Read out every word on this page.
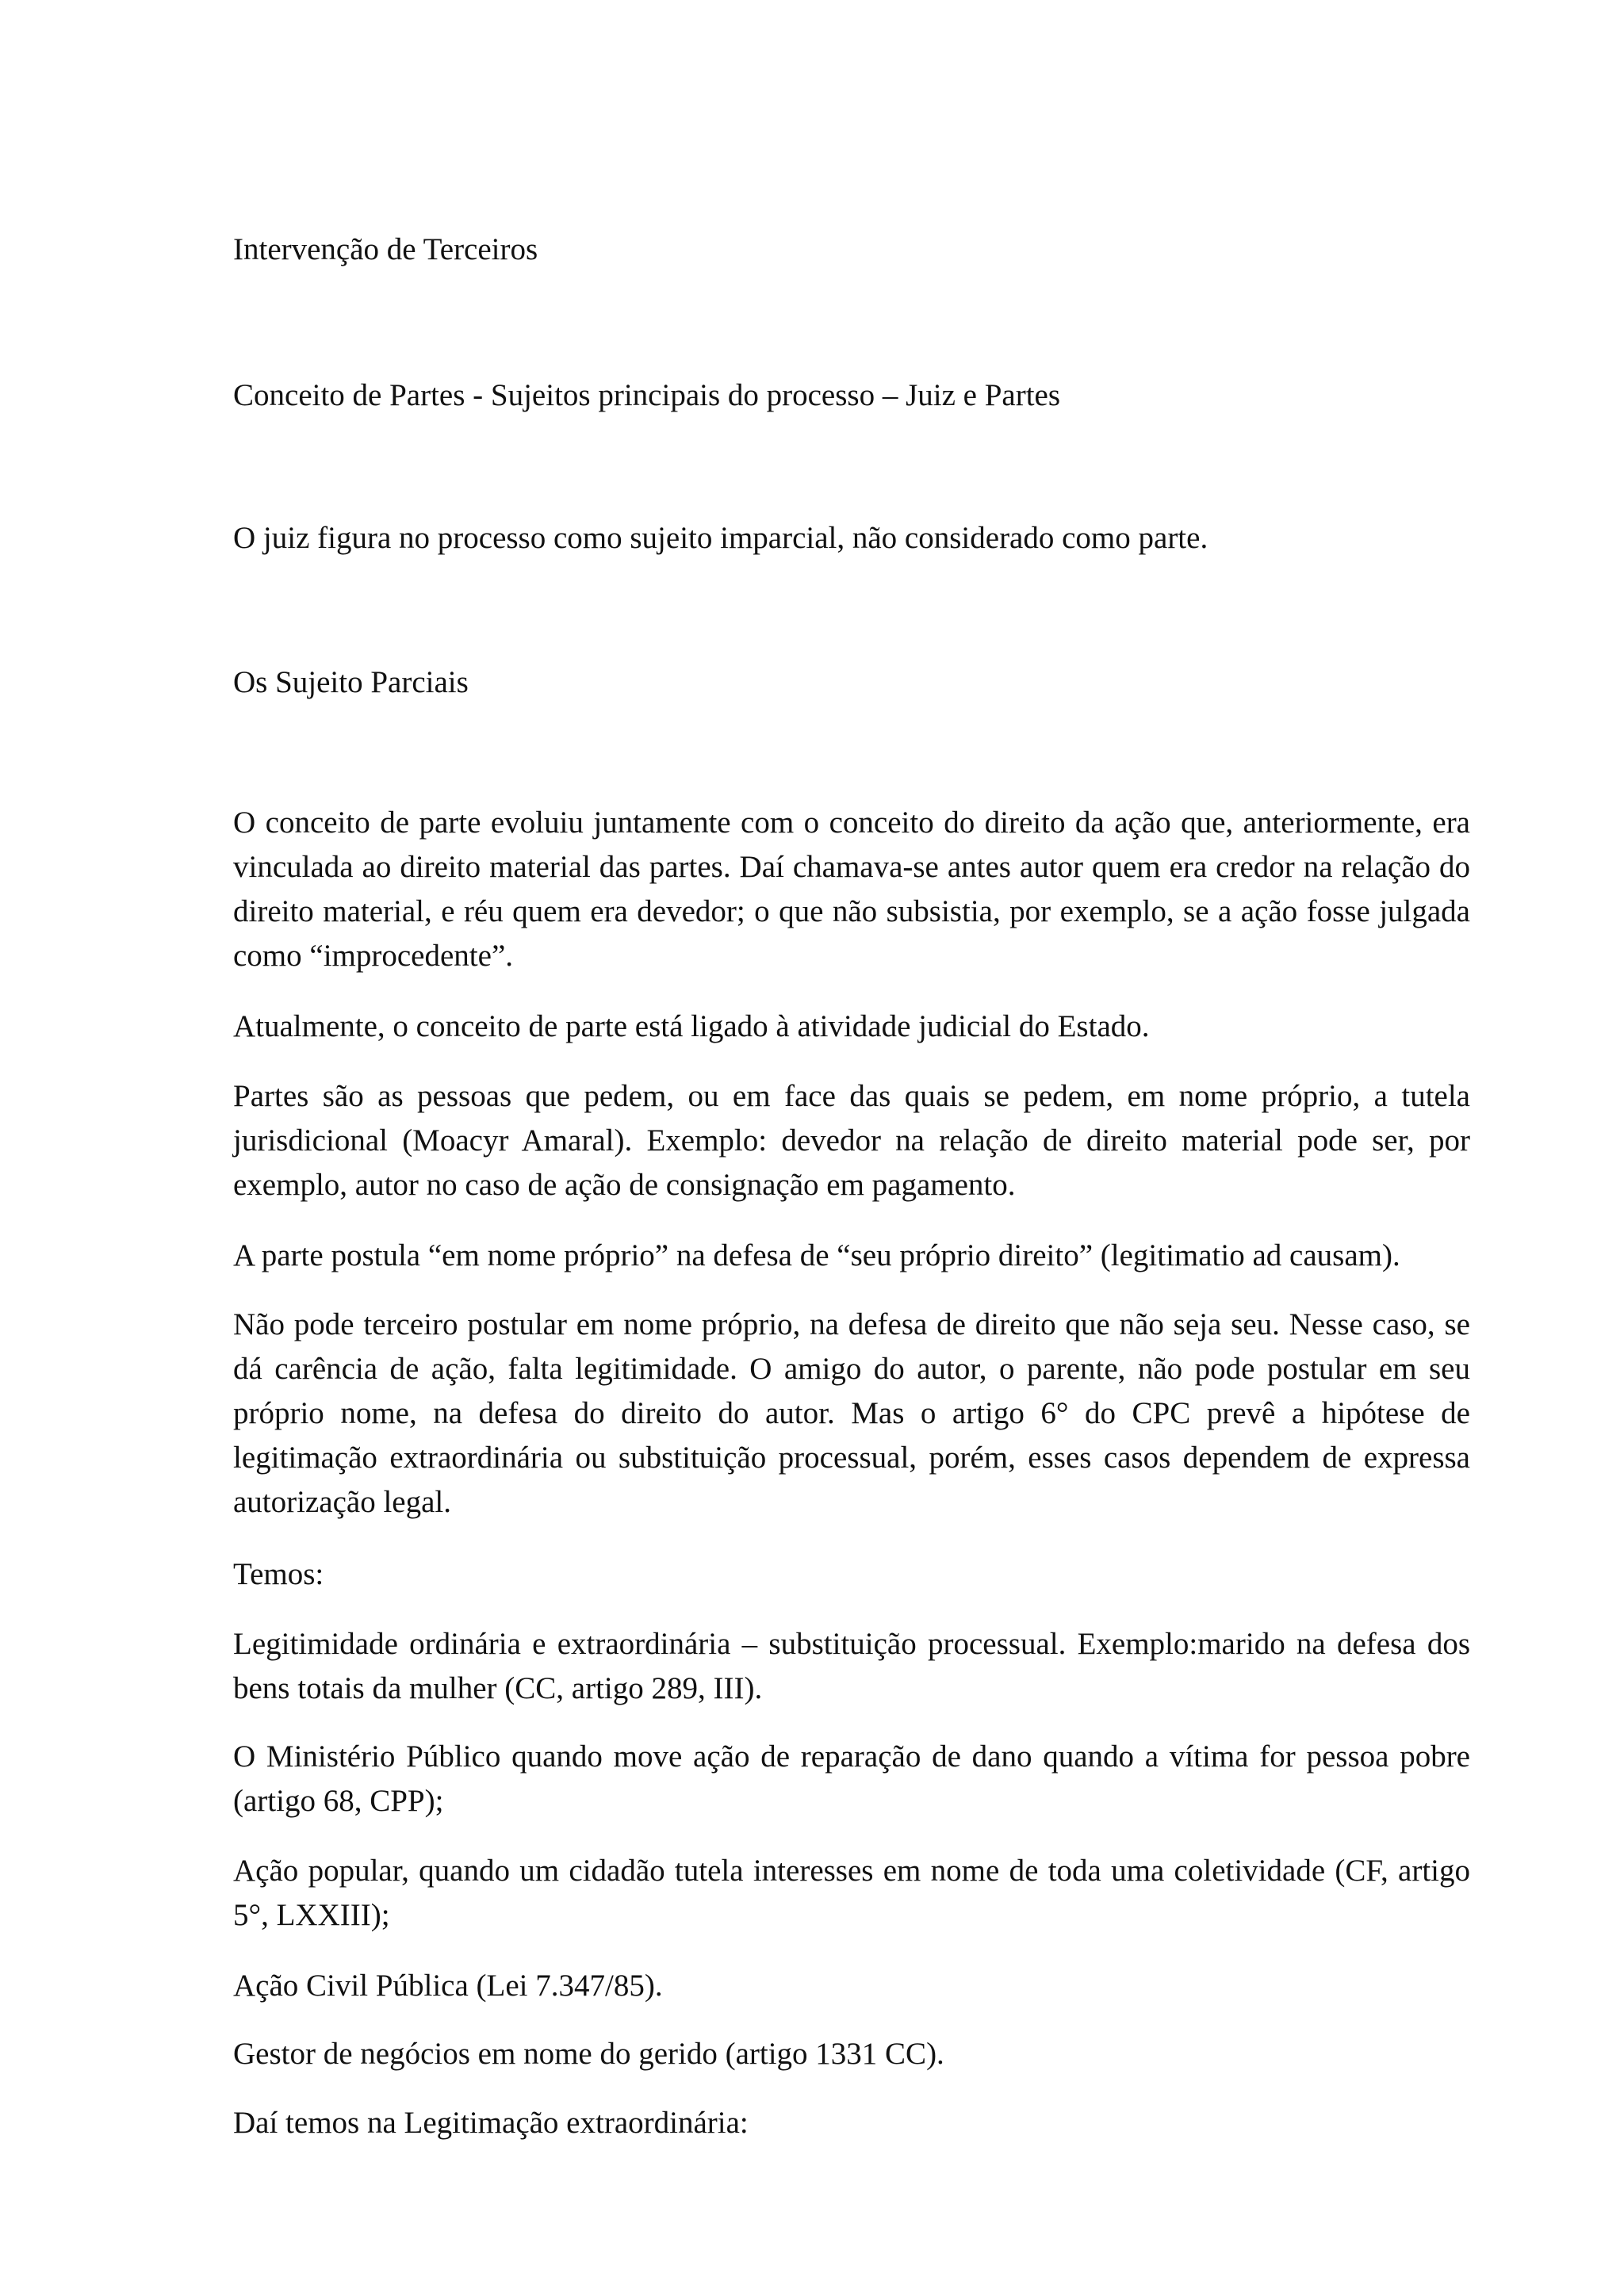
Intervenção de Terceiros
Conceito de Partes - Sujeitos principais do processo – Juiz e Partes
O juiz figura no processo como sujeito imparcial, não considerado como parte.
Os Sujeito Parciais

O conceito de parte evoluiu juntamente com o conceito do direito da ação que, anteriormente, era vinculada ao direito material das partes. Daí chamava-se antes autor quem era credor na relação do direito material, e réu quem era devedor; o que não subsistia, por exemplo, se a ação fosse julgada como “improcedente”.

Atualmente, o conceito de parte está ligado à atividade judicial do Estado.

Partes são as pessoas que pedem, ou em face das quais se pedem, em nome próprio, a tutela jurisdicional (Moacyr Amaral). Exemplo: devedor na relação de direito material pode ser, por exemplo, autor no caso de ação de consignação em pagamento.

A parte postula “em nome próprio” na defesa de “seu próprio direito” (legitimatio ad causam).

Não pode terceiro postular em nome próprio, na defesa de direito que não seja seu. Nesse caso, se dá carência de ação, falta legitimidade. O amigo do autor, o parente, não pode postular em seu próprio nome, na defesa do direito do autor. Mas o artigo 6° do CPC prevê a hipótese de legitimação extraordinária ou substituição processual, porém, esses casos dependem de expressa autorização legal.

Temos:

Legitimidade ordinária e extraordinária – substituição processual. Exemplo:marido na defesa dos bens totais da mulher (CC, artigo 289, III).

O Ministério Público quando move ação de reparação de dano quando a vítima for pessoa pobre (artigo 68, CPP);

Ação popular, quando um cidadão tutela interesses em nome de toda uma coletividade (CF, artigo 5°, LXXIII);

Ação Civil Pública (Lei 7.347/85).

Gestor de negócios em nome do gerido (artigo 1331 CC).

Daí temos na Legitimação extraordinária:
